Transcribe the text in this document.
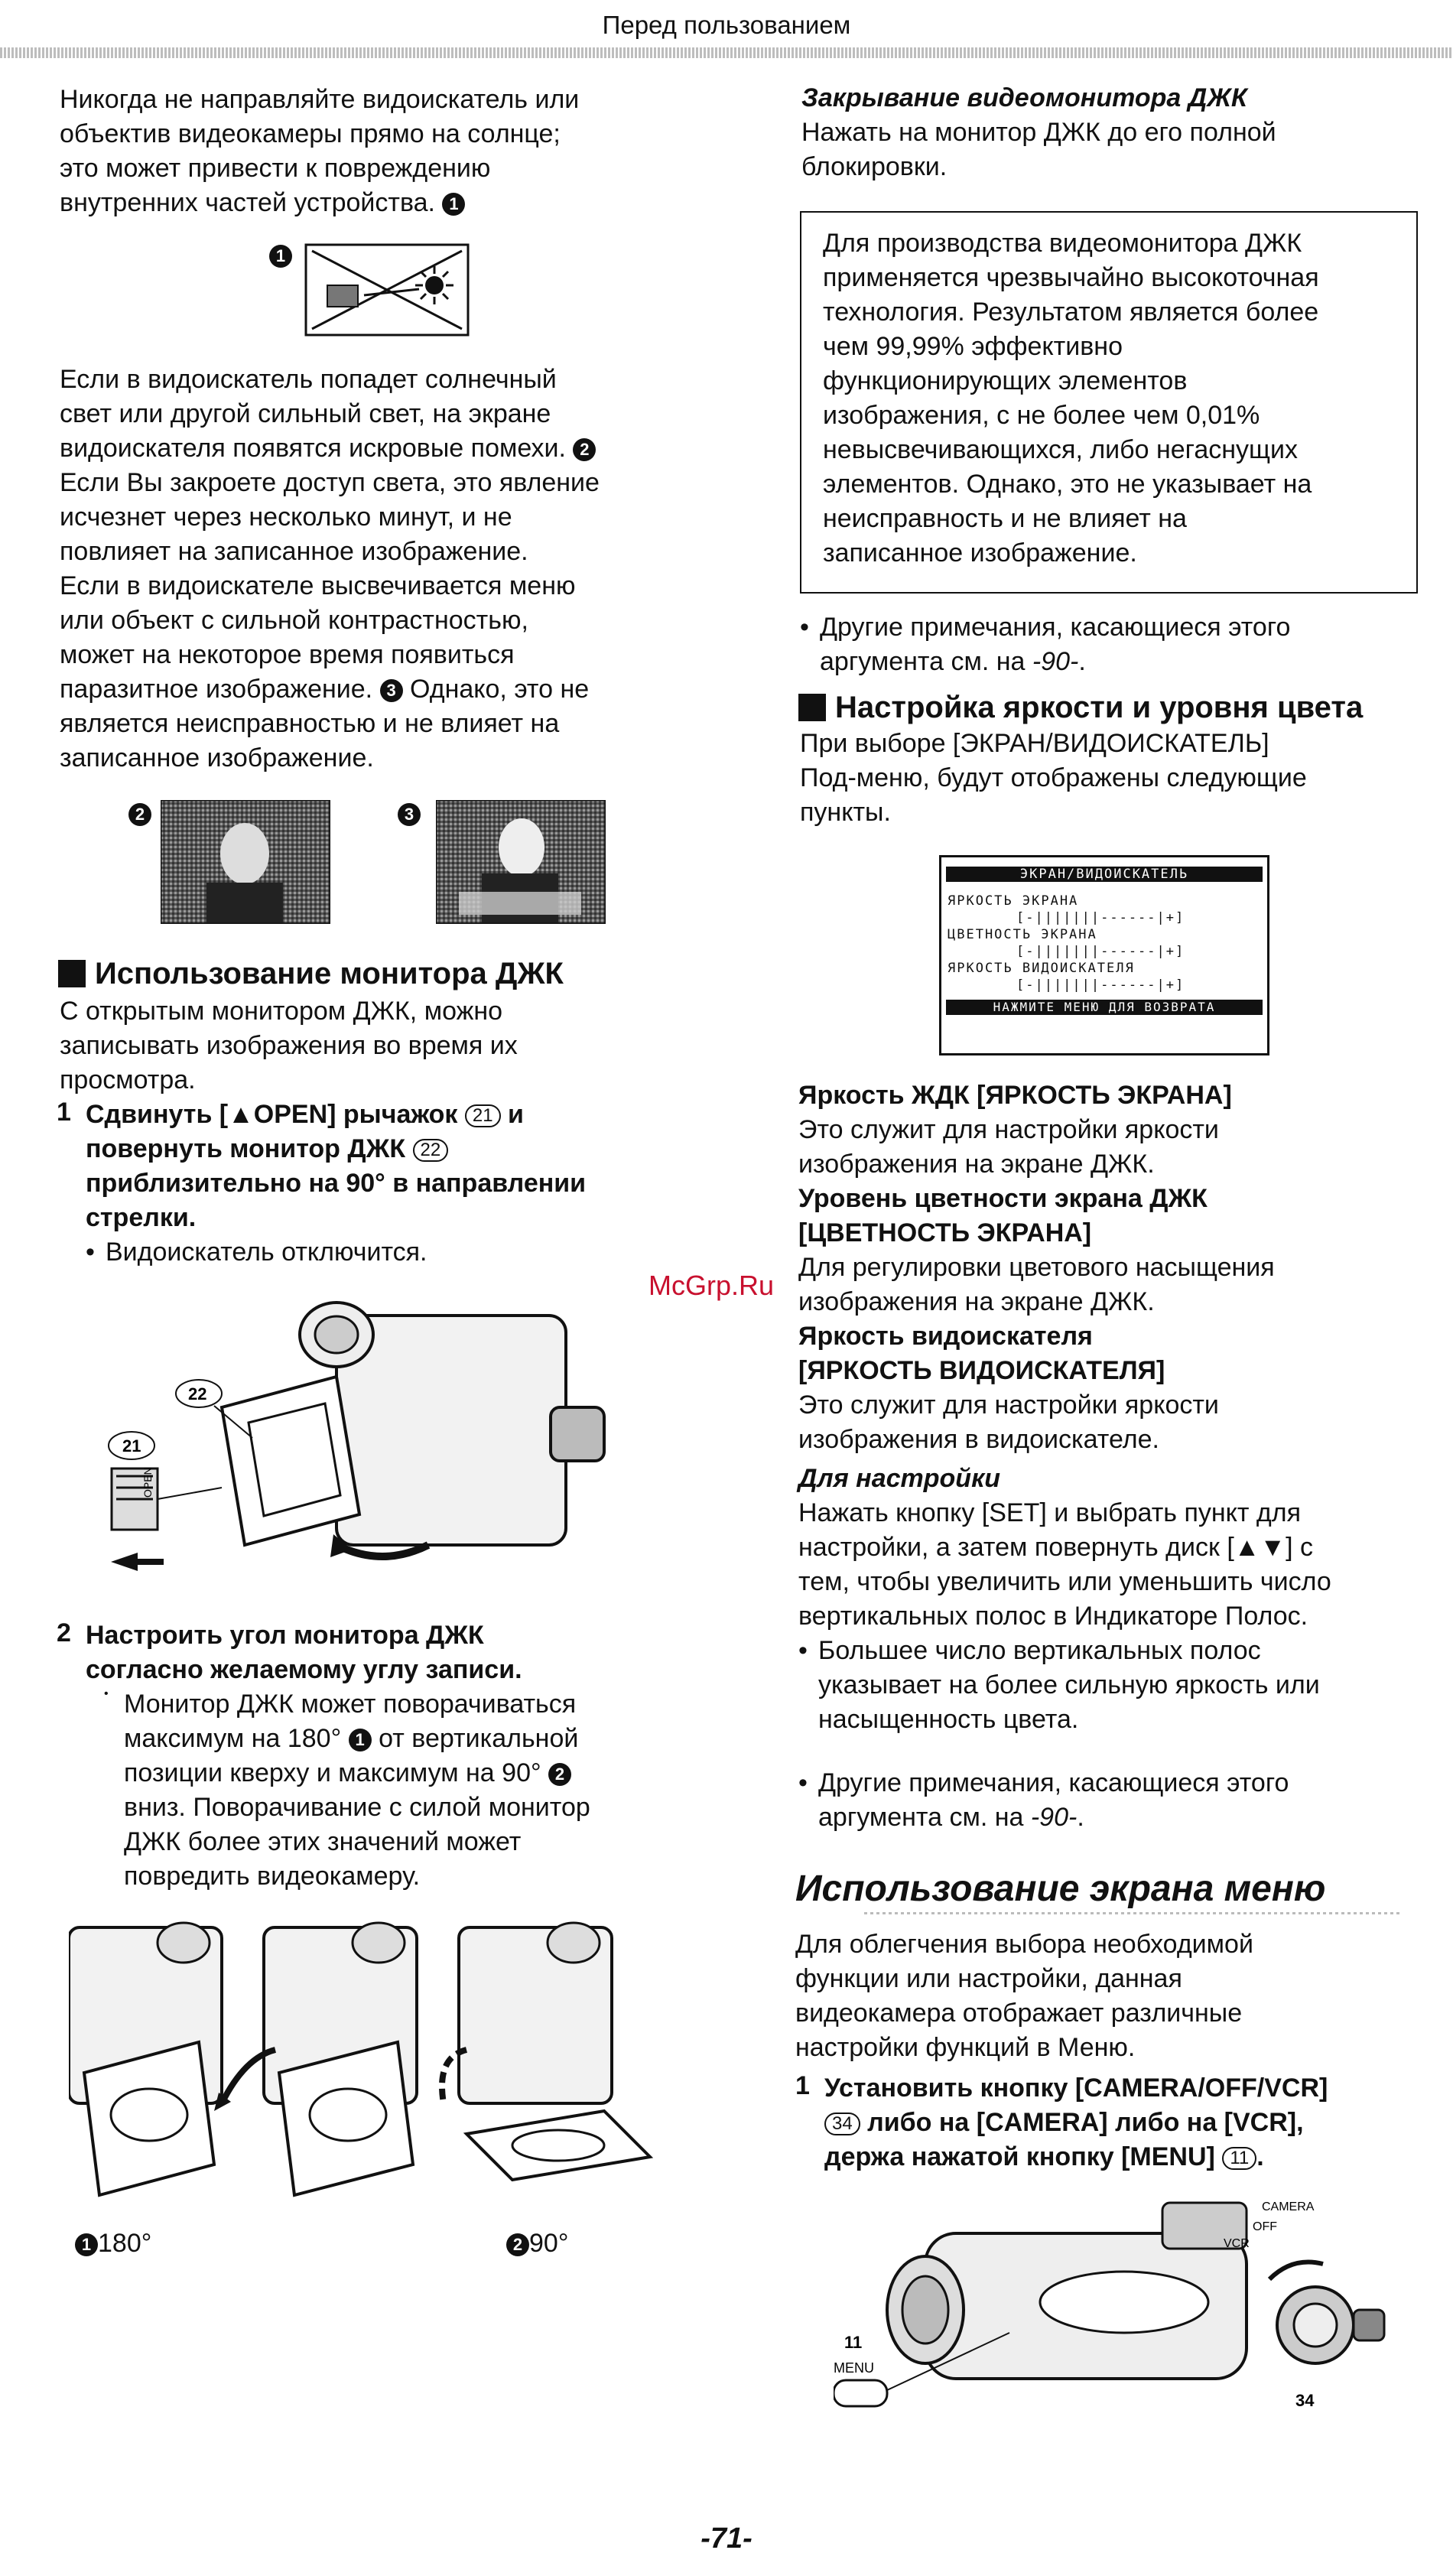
Перед пользованием

Никогда не направляйте видоискатель или

объектив видеокамеры прямо на солнце;

это может привести к повреждению

внутренних частей устройства. 1

1

Если в видоискатель попадет солнечный

свет или другой сильный свет, на экране

видоискателя появятся искровые помехи. 2

Если Вы закроете доступ света, это явление

исчезнет через несколько минут, и не

повлияет на записанное изображение.

Если в видоискателе высвечивается меню

или объект с сильной контрастностью,

может на некоторое время появиться

паразитное изображение. 3 Однако, это не

является неисправностью и не влияет на

записанное изображение.

2	3
Использование монитора ДЖК

С открытым монитором ДЖК, можно

записывать изображения во время их

просмотра.

1 Сдвинуть [▲OPEN] рычажок 21 и

повернуть монитор ДЖК 22

приблизительно на 90° в направлении

стрелки.

• Видоискатель отключится.

OPEN
21
22
2 Настроить угол монитора ДЖК

согласно желаемому углу записи.

• Монитор ДЖК может поворачиваться

максимум на 180° 1 от вертикальной

позиции кверху и максимум на 90° 2

вниз. Поворачивание с силой монитор

ДЖК более этих значений может

повредить видеокамеру.

1 180°	2 90°

Закрывание видеомонитора ДЖК

Нажать на монитор ДЖК до его полной

блокировки.

Для производства видеомонитора ДЖК

применяется чрезвычайно высокоточная

технология. Результатом является более

чем 99,99% эффективно

функционирующих элементов

изображения, с не более чем 0,01%

невысвечивающихся, либо негаснущих

элементов. Однако, это не указывает на

неисправность и не влияет на

записанное изображение.

• Другие примечания, касающиеся этого

аргумента см. на -90-.

Настройка яркости и уровня цвета

При выборе [ЭКРАН/ВИДОИСКАТЕЛЬ]

Под-меню, будут отображены следующие

пункты.

ЭКРАН/ВИДОИСКАТЕЛЬ
ЯРКОСТЬ ЭКРАНА
[-|||||||------|+]
ЦВЕТНОСТЬ ЭКРАНА
[-|||||||------|+]
ЯРКОСТЬ ВИДОИСКАТЕЛЯ
[-|||||||------|+]
НАЖМИТЕ МЕНЮ ДЛЯ ВОЗВРАТА

Яркость ЖДК [ЯРКОСТЬ ЭКРАНА]

Это служит для настройки яркости

изображения на экране ДЖК.

Уровень цветности экрана ДЖК

[ЦВЕТНОСТЬ ЭКРАНА]

Для регулировки цветового насыщения

изображения на экране ДЖК.

Яркость видоискателя

[ЯРКОСТЬ ВИДОИСКАТЕЛЯ]

Это служит для настройки яркости

изображения в видоискателе.

Для настройки

Нажать кнопку [SET] и выбрать пункт для

настройки, а затем повернуть диск [▲▼] с

тем, чтобы увеличить или уменьшить число

вертикальных полос в Индикаторе Полос.

• Большее число вертикальных полос

указывает на более сильную яркость или

насыщенность цвета.

• Другие примечания, касающиеся этого

аргумента см. на -90-.

Использование экрана меню

Для облегчения выбора необходимой

функции или настройки, данная

видеокамера отображает различные

настройки функций в Меню.

1 Установить кнопку [CAMERA/OFF/VCR]

34 либо на [CAMERA] либо на [VCR],

держа нажатой кнопку [MENU] 11 .

CAMERA
OFF
VCR
34
11
MENU
McGrp.Ru
-71-
